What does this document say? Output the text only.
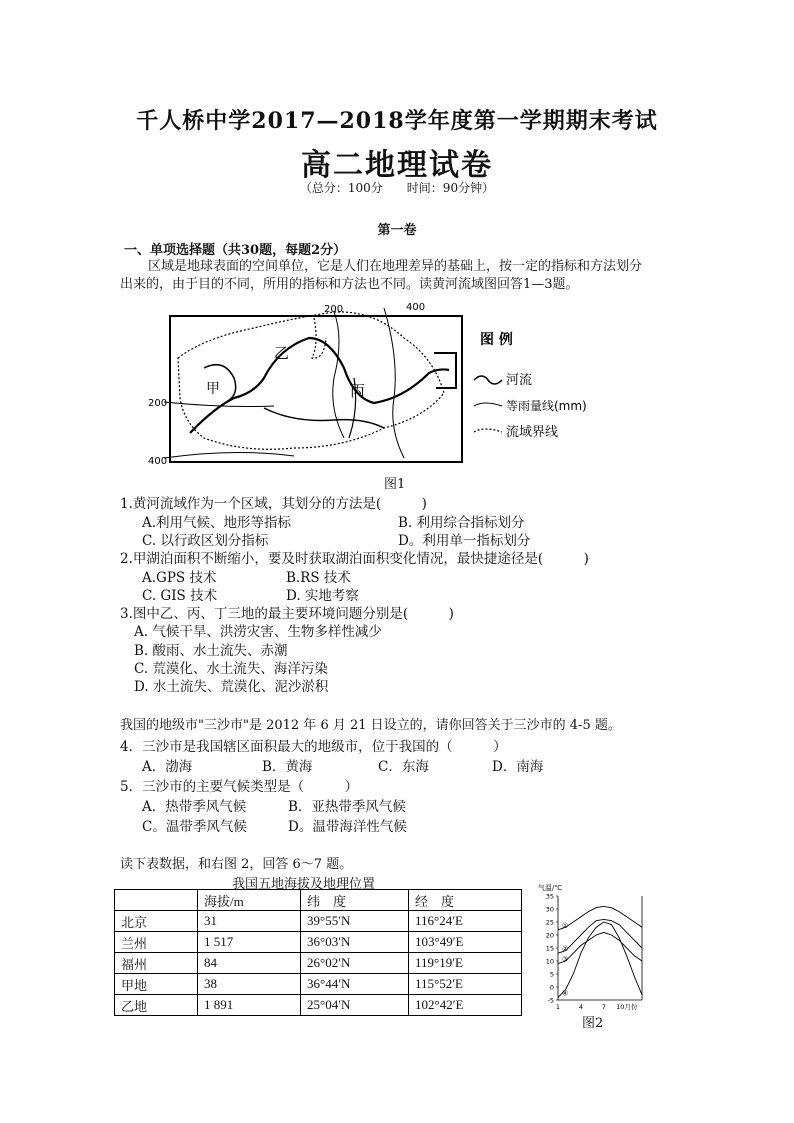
千人桥中学2017—2018学年度第一学期期末考试
高二地理试卷
（总分：100分　　时间：90分钟）
第一卷
一、单项选择题（共30题，每题2分）
区域是地球表面的空间单位，它是人们在地理差异的基础上，按一定的指标和方法划分
出来的，由于目的不同，所用的指标和方法也不同。读黄河流域图回答1—3题。
200	400
200
400
乙
甲	丙
图 例
河流
等雨量线(mm)
流域界线
图1
1.黄河流域作为一个区域，其划分的方法是(　　　)
A.利用气候、地形等指标	B. 利用综合指标划分
C. 以行政区划分指标	D。利用单一指标划分
2.甲湖泊面积不断缩小，要及时获取湖泊面积变化情况，最快捷途径是(　　　)
A.GPS 技术	B.RS 技术
C. GIS 技术	D. 实地考察
3.图中乙、丙、丁三地的最主要环境问题分别是(　　　)
A. 气候干旱、洪涝灾害、生物多样性减少
B. 酸雨、水土流失、赤潮
C. 荒漠化、水土流失、海洋污染
D. 水土流失、荒漠化、泥沙淤积
我国的地级市"三沙市"是 2012 年 6 月 21 日设立的，请你回答关于三沙市的 4-5 题。
4．三沙市是我国辖区面积最大的地级市，位于我国的（　　　）
A．渤海	B．黄海	C．东海	D．南海
5．三沙市的主要气候类型是（　　　）
A．热带季风气候	B．亚热带季风气候
C。温带季风气候	D。温带海洋性气候
读下表数据，和右图 2，回答 6～7 题。
我国五地海拔及地理位置
	海拔/m	纬　度	经　度
北京	31	39°55′N	116°24′E
兰州	1 517	36°03′N	103°49′E
福州	84	26°02′N	119°19′E
甲地	38	36°44′N	115°52′E
乙地	1 891	25°04′N	102°42′E
气温/℃
35
30
25
20
15
10
5
0
-5
1	4	7 10月份
①
②
③
④
图2
